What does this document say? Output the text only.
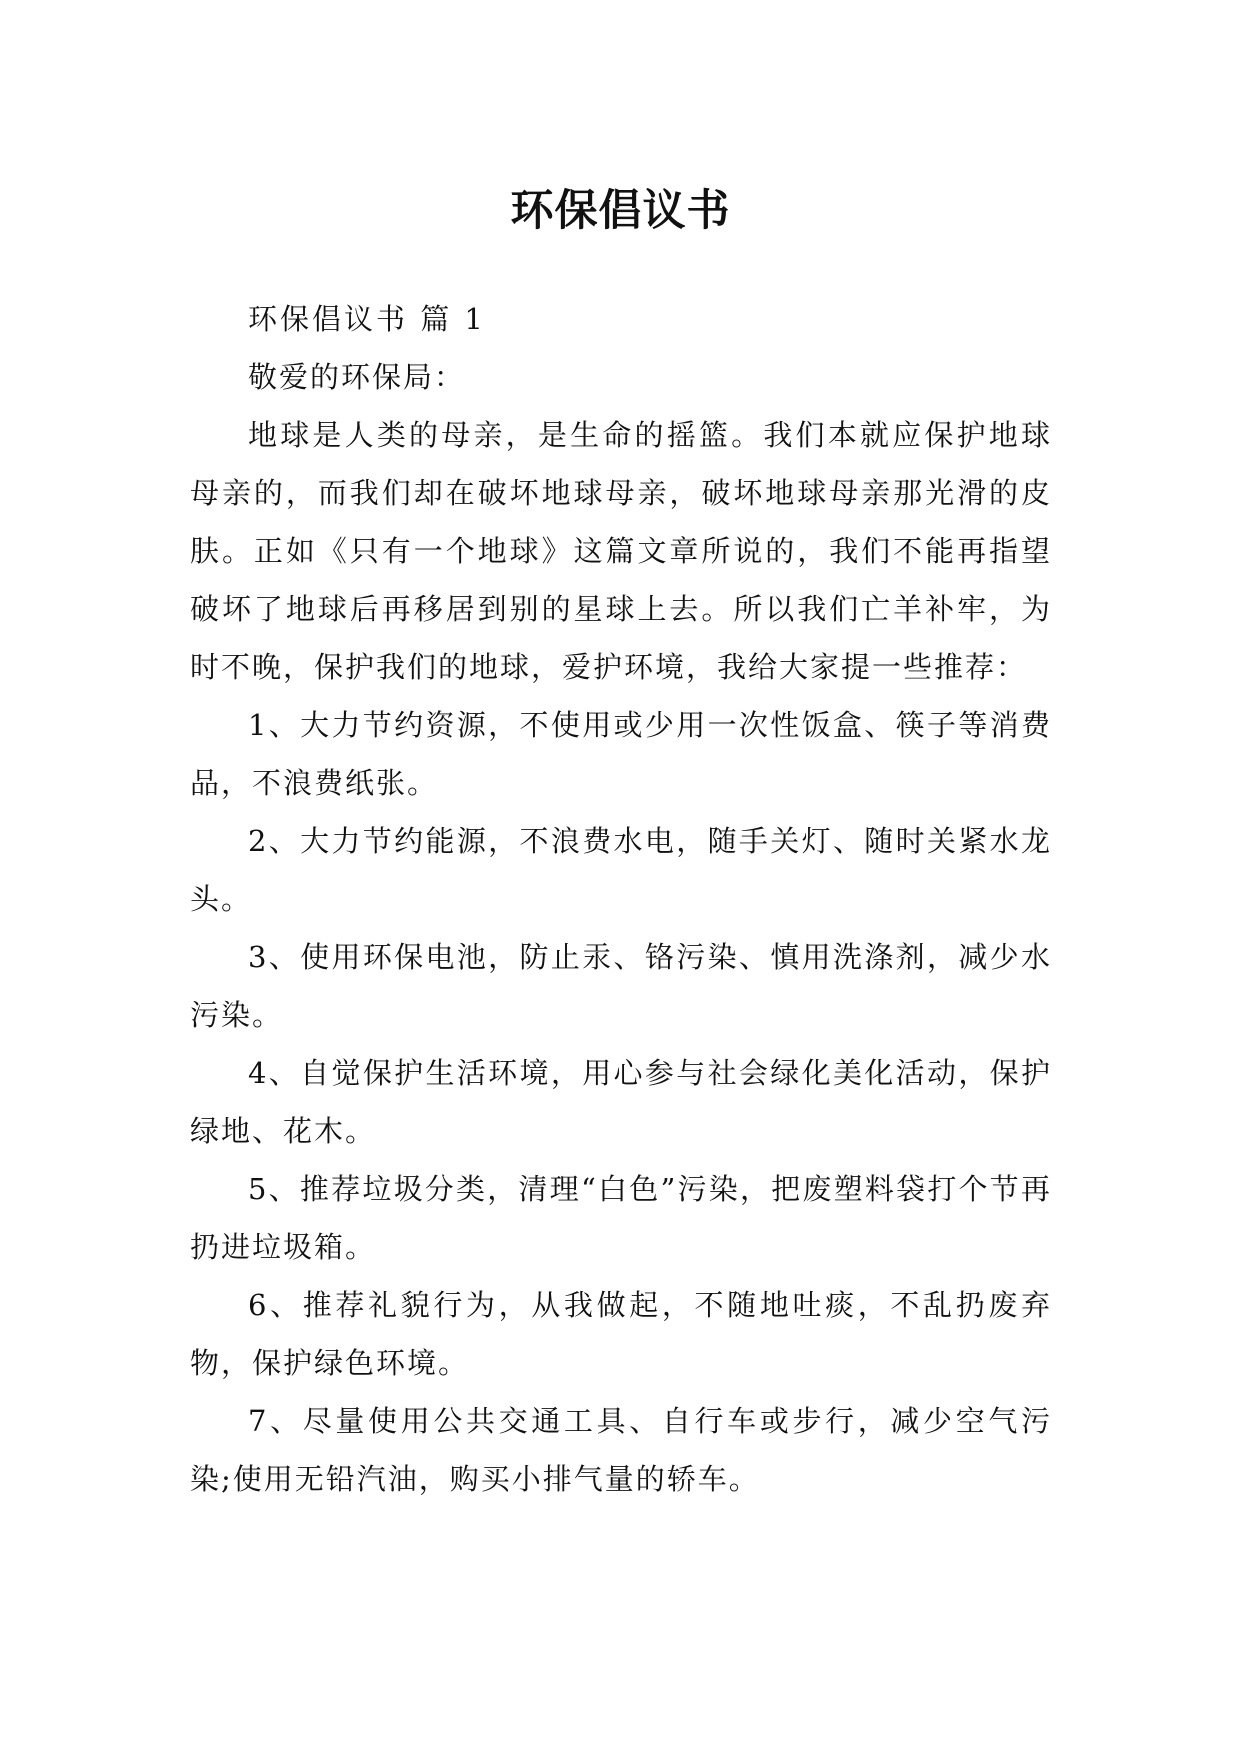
环保倡议书

环保倡议书 篇 1

敬爱的环保局：

地球是人类的母亲，是生命的摇篮。我们本就应保护地球母亲的，而我们却在破坏地球母亲，破坏地球母亲那光滑的皮肤。正如《只有一个地球》这篇文章所说的，我们不能再指望破坏了地球后再移居到别的星球上去。所以我们亡羊补牢，为时不晚，保护我们的地球，爱护环境，我给大家提一些推荐：

1、大力节约资源，不使用或少用一次性饭盒、筷子等消费品，不浪费纸张。

2、大力节约能源，不浪费水电，随手关灯、随时关紧水龙头。

3、使用环保电池，防止汞、铬污染、慎用洗涤剂，减少水污染。

4、自觉保护生活环境，用心参与社会绿化美化活动，保护绿地、花木。

5、推荐垃圾分类，清理“白色”污染，把废塑料袋打个节再扔进垃圾箱。

6、推荐礼貌行为，从我做起，不随地吐痰，不乱扔废弃物，保护绿色环境。

7、尽量使用公共交通工具、自行车或步行，减少空气污染;使用无铅汽油，购买小排气量的轿车。
